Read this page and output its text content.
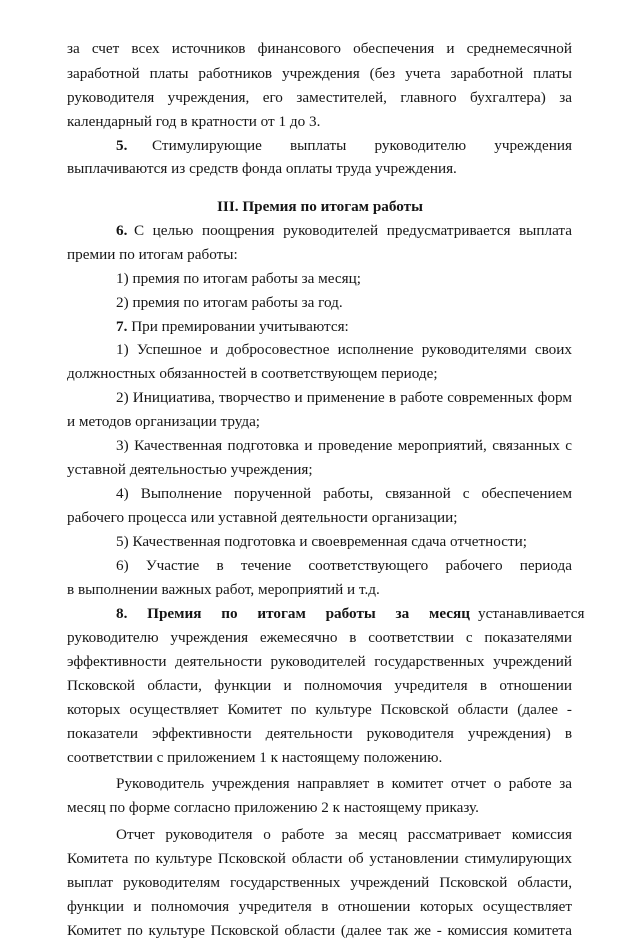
за счет всех источников финансового обеспечения и среднемесячной
заработной платы работников учреждения (без учета заработной платы
руководителя учреждения, его заместителей, главного бухгалтера) за
календарный год в кратности от 1 до 3.
5. Стимулирующие выплаты руководителю учреждения
выплачиваются из средств фонда оплаты труда учреждения.
III. Премия по итогам работы
6. С целью поощрения руководителей предусматривается выплата
премии по итогам работы:
1) премия по итогам работы за месяц;
2) премия по итогам работы за год.
7. При премировании учитываются:
1) Успешное и добросовестное исполнение руководителями своих
должностных обязанностей в соответствующем периоде;
2) Инициатива, творчество и применение в работе современных форм
и методов организации труда;
3) Качественная подготовка и проведение мероприятий, связанных с
уставной деятельностью учреждения;
4) Выполнение порученной работы, связанной с обеспечением
рабочего процесса или уставной деятельности организации;
5) Качественная подготовка и своевременная сдача отчетности;
6) Участие в течение соответствующего рабочего периода
в выполнении важных работ, мероприятий и т.д.
8. Премия по итогам работы за месяц устанавливается
руководителю учреждения ежемесячно в соответствии с показателями
эффективности деятельности руководителей государственных учреждений
Псковской области, функции и полномочия учредителя в отношении
которых осуществляет Комитет по культуре Псковской области (далее -
показатели эффективности деятельности руководителя учреждения) в
соответствии с приложением 1 к настоящему положению.
Руководитель учреждения направляет в комитет отчет о работе за
месяц по форме согласно приложению 2 к настоящему приказу.
Отчет руководителя о работе за месяц рассматривает комиссия
Комитета по культуре Псковской области об установлении стимулирующих
выплат руководителям государственных учреждений Псковской области,
функции и полномочия учредителя в отношении которых осуществляет
Комитет по культуре Псковской области (далее так же - комиссия комитета
